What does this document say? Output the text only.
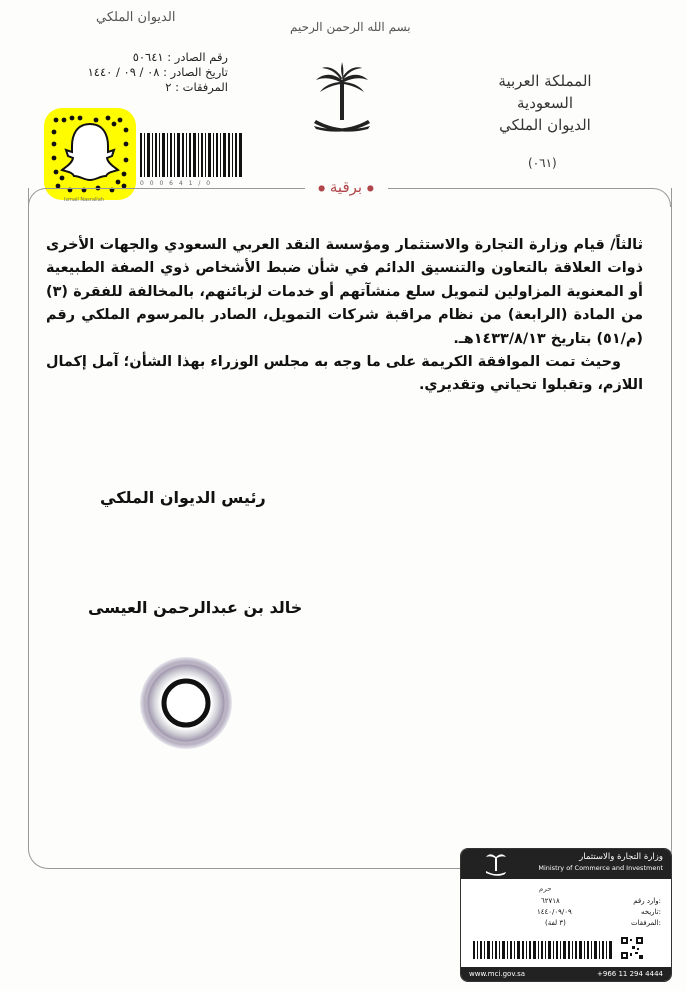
الديوان الملكي
بسم الله الرحمن الرحيم
رقم الصادر : ٥٠٦٤١
تاريخ الصادر : ٠٨ / ٠٩ / ١٤٤٠
المرفقات : ٢	المملكة العربية السعودية
الديوان الملكي
(٠٦١)
Ismail Nasrallah
0 0 0 6 4 1 / 0	● برقية ●

ثالثاً/ قيام وزارة التجارة والاستثمار ومؤسسة النقد العربي السعودي والجهات الأخرى ذوات العلاقة بالتعاون والتنسيق الدائم في شأن ضبط الأشخاص ذوي الصفة الطبيعية أو المعنوية المزاولين لتمويل سلع منشآتهم أو خدمات لزبائنهم، بالمخالفة للفقرة (٣) من المادة (الرابعة) من نظام مراقبة شركات التمويل، الصادر بالمرسوم الملكي رقم (م/٥١) بتاريخ ١٤٣٣/٨/١٣هـ.

وحيث تمت الموافقة الكريمة على ما وجه به مجلس الوزراء بهذا الشأن؛ آمل إكمال اللازم، وتقبلوا تحياتي وتقديري.

رئيس الديوان الملكي
خالد بن عبدالرحمن العيسى
وزارة التجارة والاستثمار
Ministry of Commerce and Investment
حرم
وارد رقم:
٦٢٧١٨
تاريخه:
١٤٤٠/٠٩/٠٩
المرفقات:
(٣ لفة)
www.mci.gov.sa	+966 11 294 4444
